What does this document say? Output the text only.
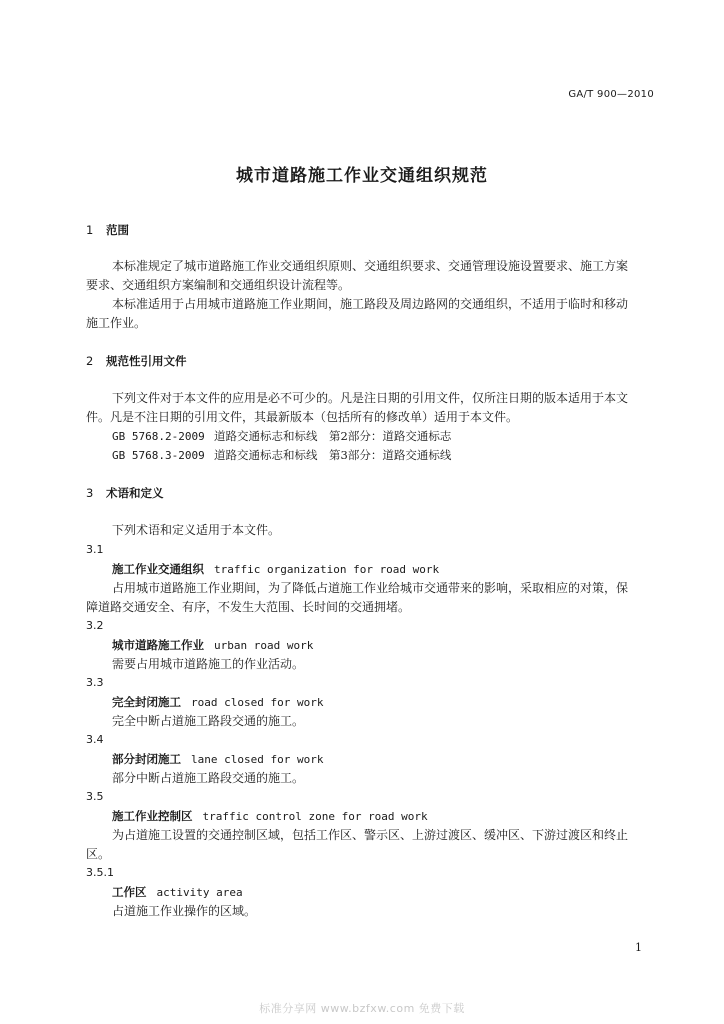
GA/T 900—2010
城市道路施工作业交通组织规范
1 范围
本标准规定了城市道路施工作业交通组织原则、交通组织要求、交通管理设施设置要求、施工方案
要求、交通组织方案编制和交通组织设计流程等。
本标准适用于占用城市道路施工作业期间，施工路段及周边路网的交通组织，不适用于临时和移动
施工作业。
2 规范性引用文件
下列文件对于本文件的应用是必不可少的。凡是注日期的引用文件，仅所注日期的版本适用于本文
件。凡是不注日期的引用文件，其最新版本（包括所有的修改单）适用于本文件。
GB 5768.2-2009 道路交通标志和标线　第2部分：道路交通标志
GB 5768.3-2009 道路交通标志和标线　第3部分：道路交通标线
3 术语和定义
下列术语和定义适用于本文件。
3.1
施工作业交通组织 traffic organization for road work
占用城市道路施工作业期间，为了降低占道施工作业给城市交通带来的影响，采取相应的对策，保
障道路交通安全、有序，不发生大范围、长时间的交通拥堵。
3.2
城市道路施工作业 urban road work
需要占用城市道路施工的作业活动。
3.3
完全封闭施工 road closed for work
完全中断占道施工路段交通的施工。
3.4
部分封闭施工 lane closed for work
部分中断占道施工路段交通的施工。
3.5
施工作业控制区 traffic control zone for road work
为占道施工设置的交通控制区域，包括工作区、警示区、上游过渡区、缓冲区、下游过渡区和终止
区。
3.5.1
工作区 activity area
占道施工作业操作的区域。
1
标准分享网 www.bzfxw.com 免费下载
